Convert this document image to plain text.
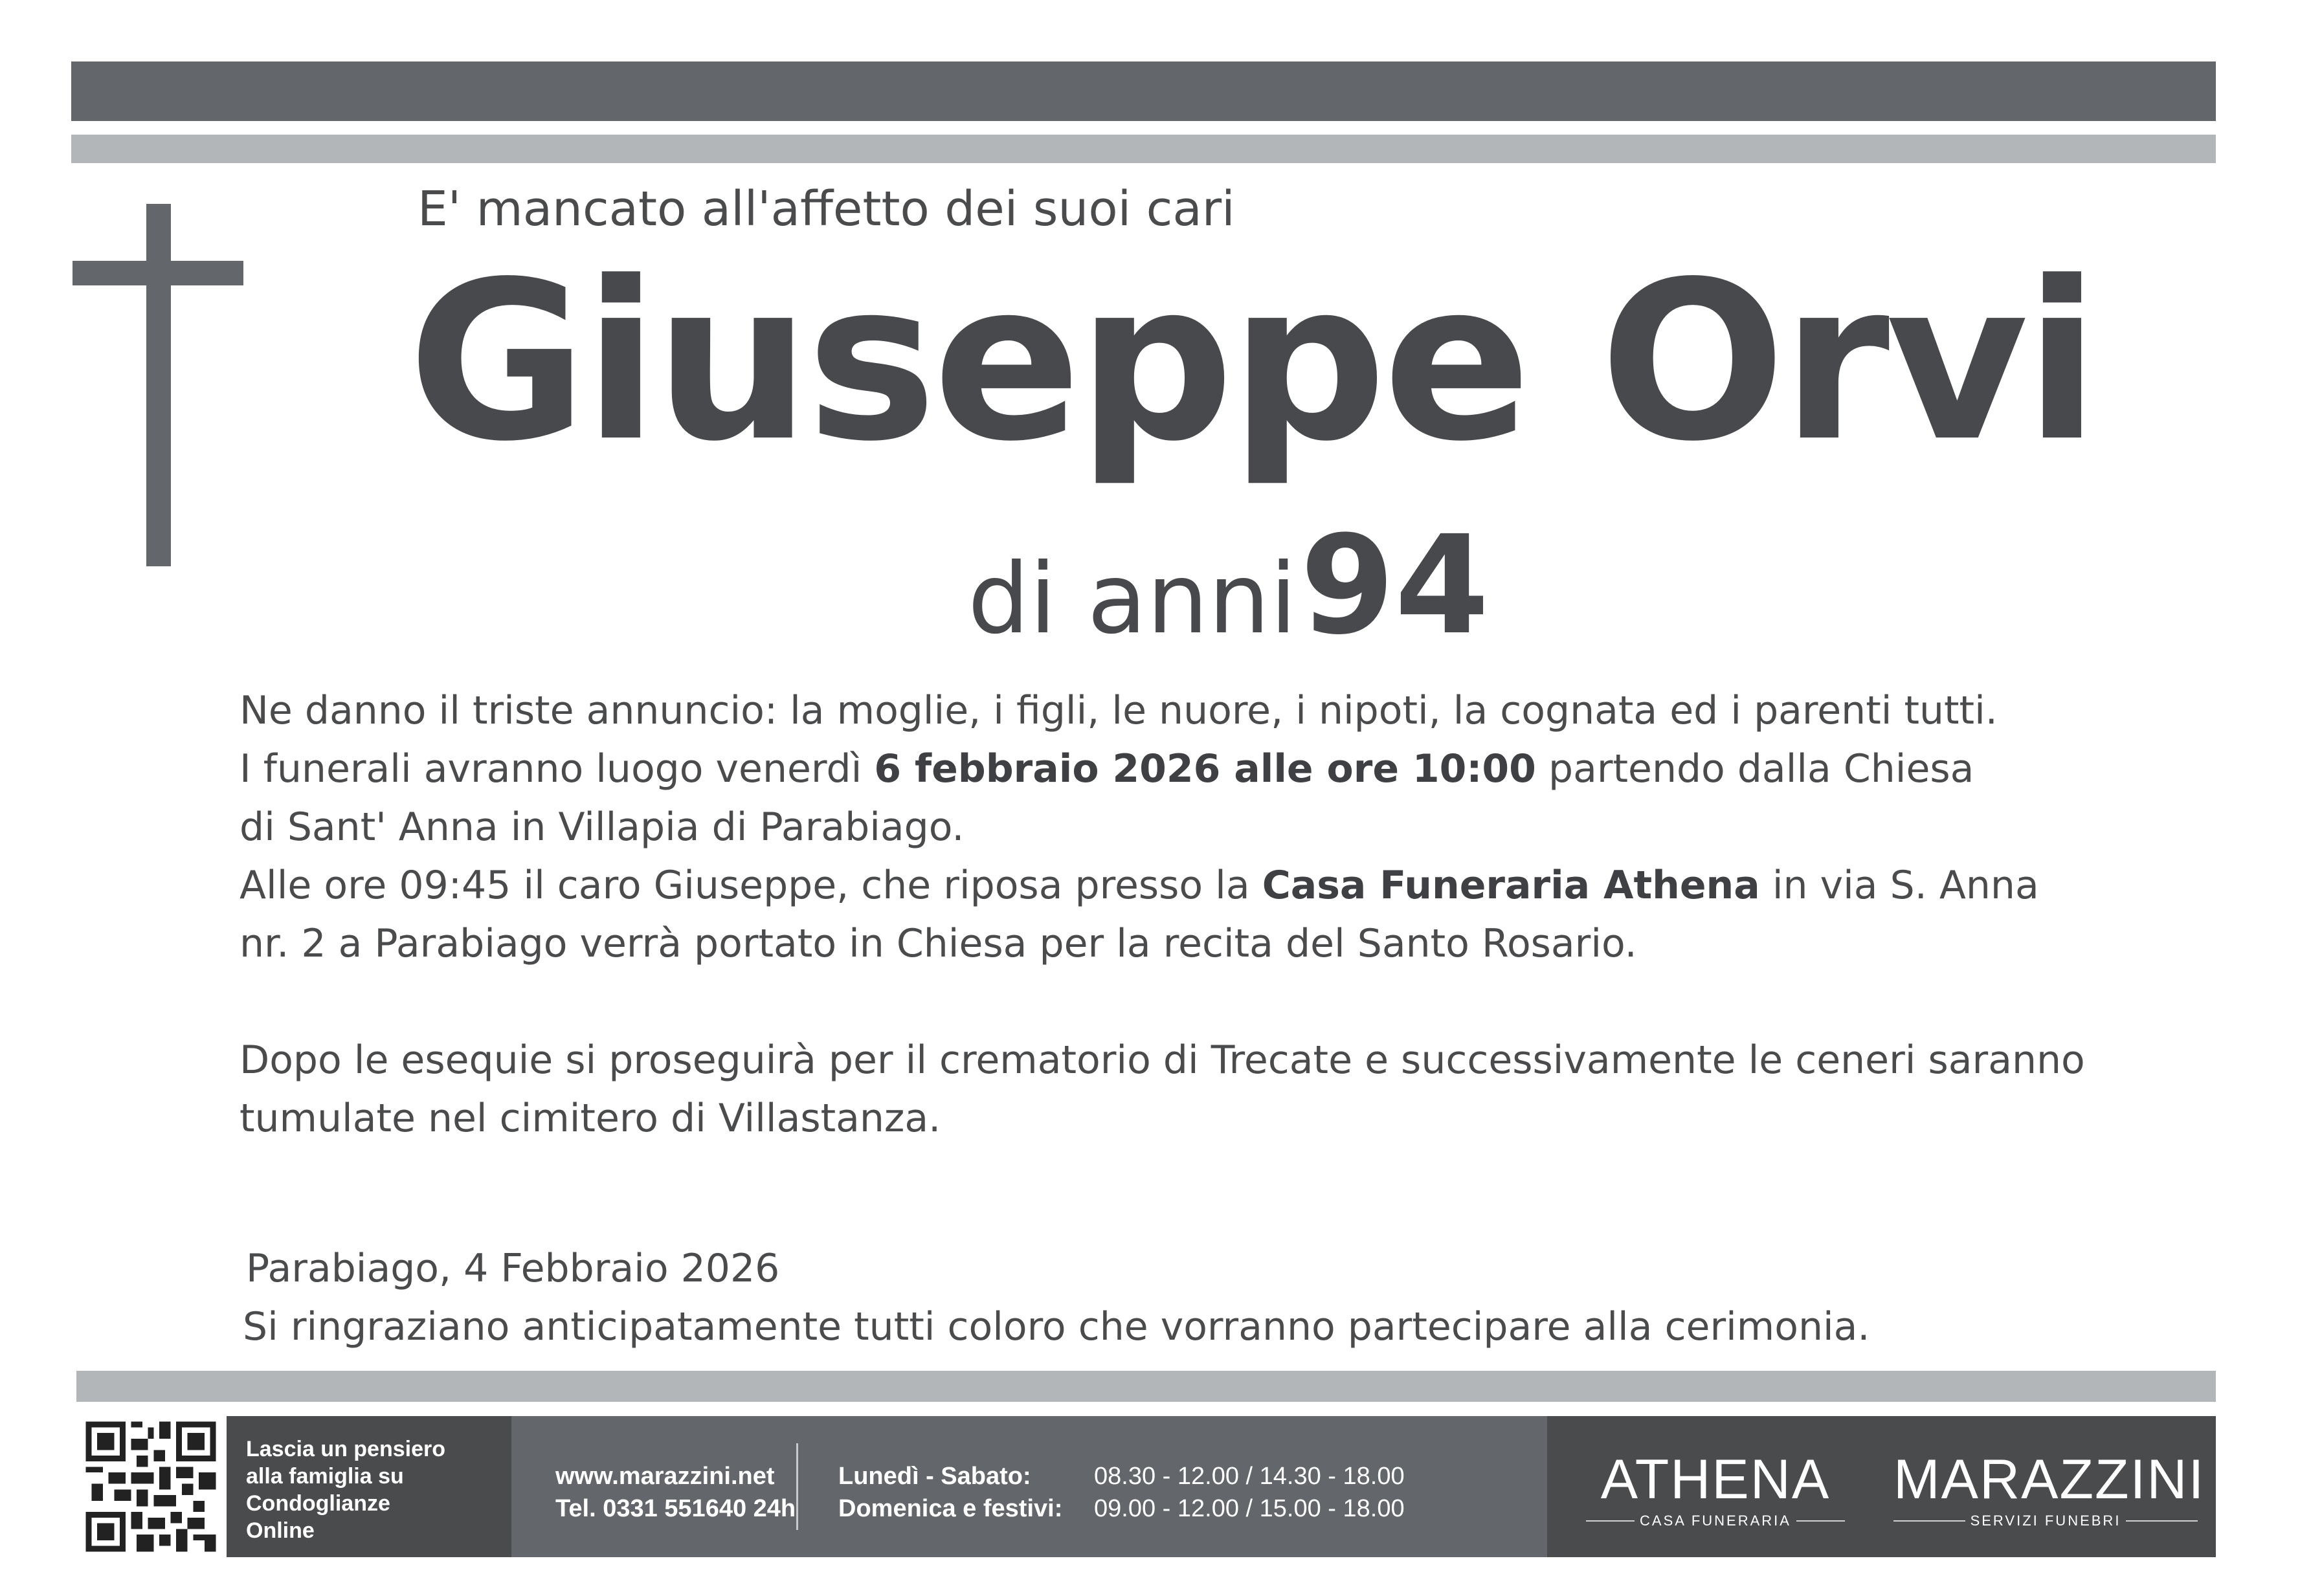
E' mancato all'affetto dei suoi cari
Giuseppe Orvi
di anni 94

Ne danno il triste annuncio: la moglie, i figli, le nuore, i nipoti, la cognata ed i parenti tutti.

I funerali avranno luogo venerdì 6 febbraio 2026 alle ore 10:00 partendo dalla Chiesa

di Sant' Anna in Villapia di Parabiago.

Alle ore 09:45 il caro Giuseppe, che riposa presso la Casa Funeraria Athena in via S. Anna

nr. 2 a Parabiago verrà portato in Chiesa per la recita del Santo Rosario.

Dopo le esequie si proseguirà per il crematorio di Trecate e successivamente le ceneri saranno

tumulate nel cimitero di Villastanza.

Parabiago, 4 Febbraio 2026
Si ringraziano anticipatamente tutti coloro che vorranno partecipare alla cerimonia.
Lascia un pensiero
alla famiglia su
Condoglianze
Online
www.marazzini.net
Tel. 0331 551640 24h
Lunedì - Sabato:	08.30 - 12.00 / 14.30 - 18.00
Domenica e festivi: 09.00 - 12.00 / 15.00 - 18.00	ATHENA
CASA FUNERARIA
MARAZZINI
SERVIZI FUNEBRI
